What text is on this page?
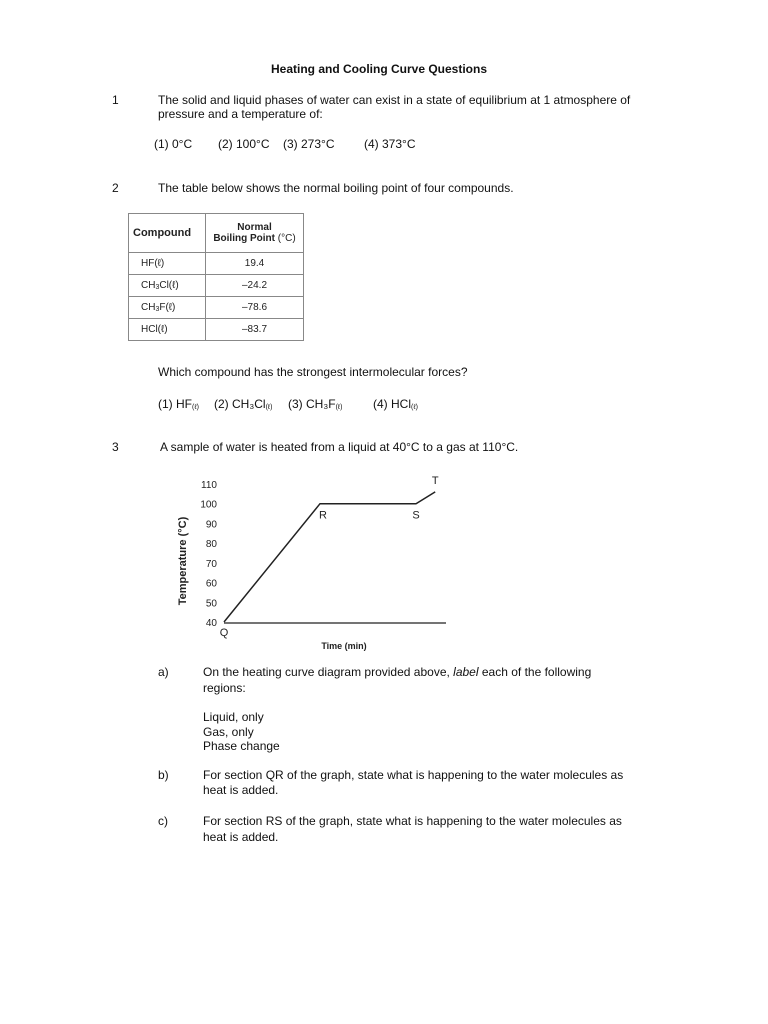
Heating and Cooling Curve Questions
1	The solid and liquid phases of water can exist in a state of equilibrium at 1 atmosphere of
pressure and a temperature of:
(1) 0°C (2) 100°C (3) 273°C (4) 373°C
2	The table below shows the normal boiling point of four compounds.
Compound	Normal
Boiling Point (°C)

HF(ℓ)	19.4
CH3Cl(ℓ)	–24.2
CH3F(ℓ)	–78.6
HCl(ℓ)	–83.7
Which compound has the strongest intermolecular forces?
(1) HF(ℓ) (2) CH₃Cl(ℓ) (3) CH₃F(ℓ)	(4) HCl(ℓ)
3	A sample of water is heated from a liquid at 40°C to a gas at 110°C.
110
100
90
80
70
60
50
40
Q
R	S
T
Temperature (°C)
Time (min)
a)	On the heating curve diagram provided above, label each of the following
regions:
Liquid, only
Gas, only
Phase change
b)	For section QR of the graph, state what is happening to the water molecules as
heat is added.
c)	For section RS of the graph, state what is happening to the water molecules as
heat is added.
